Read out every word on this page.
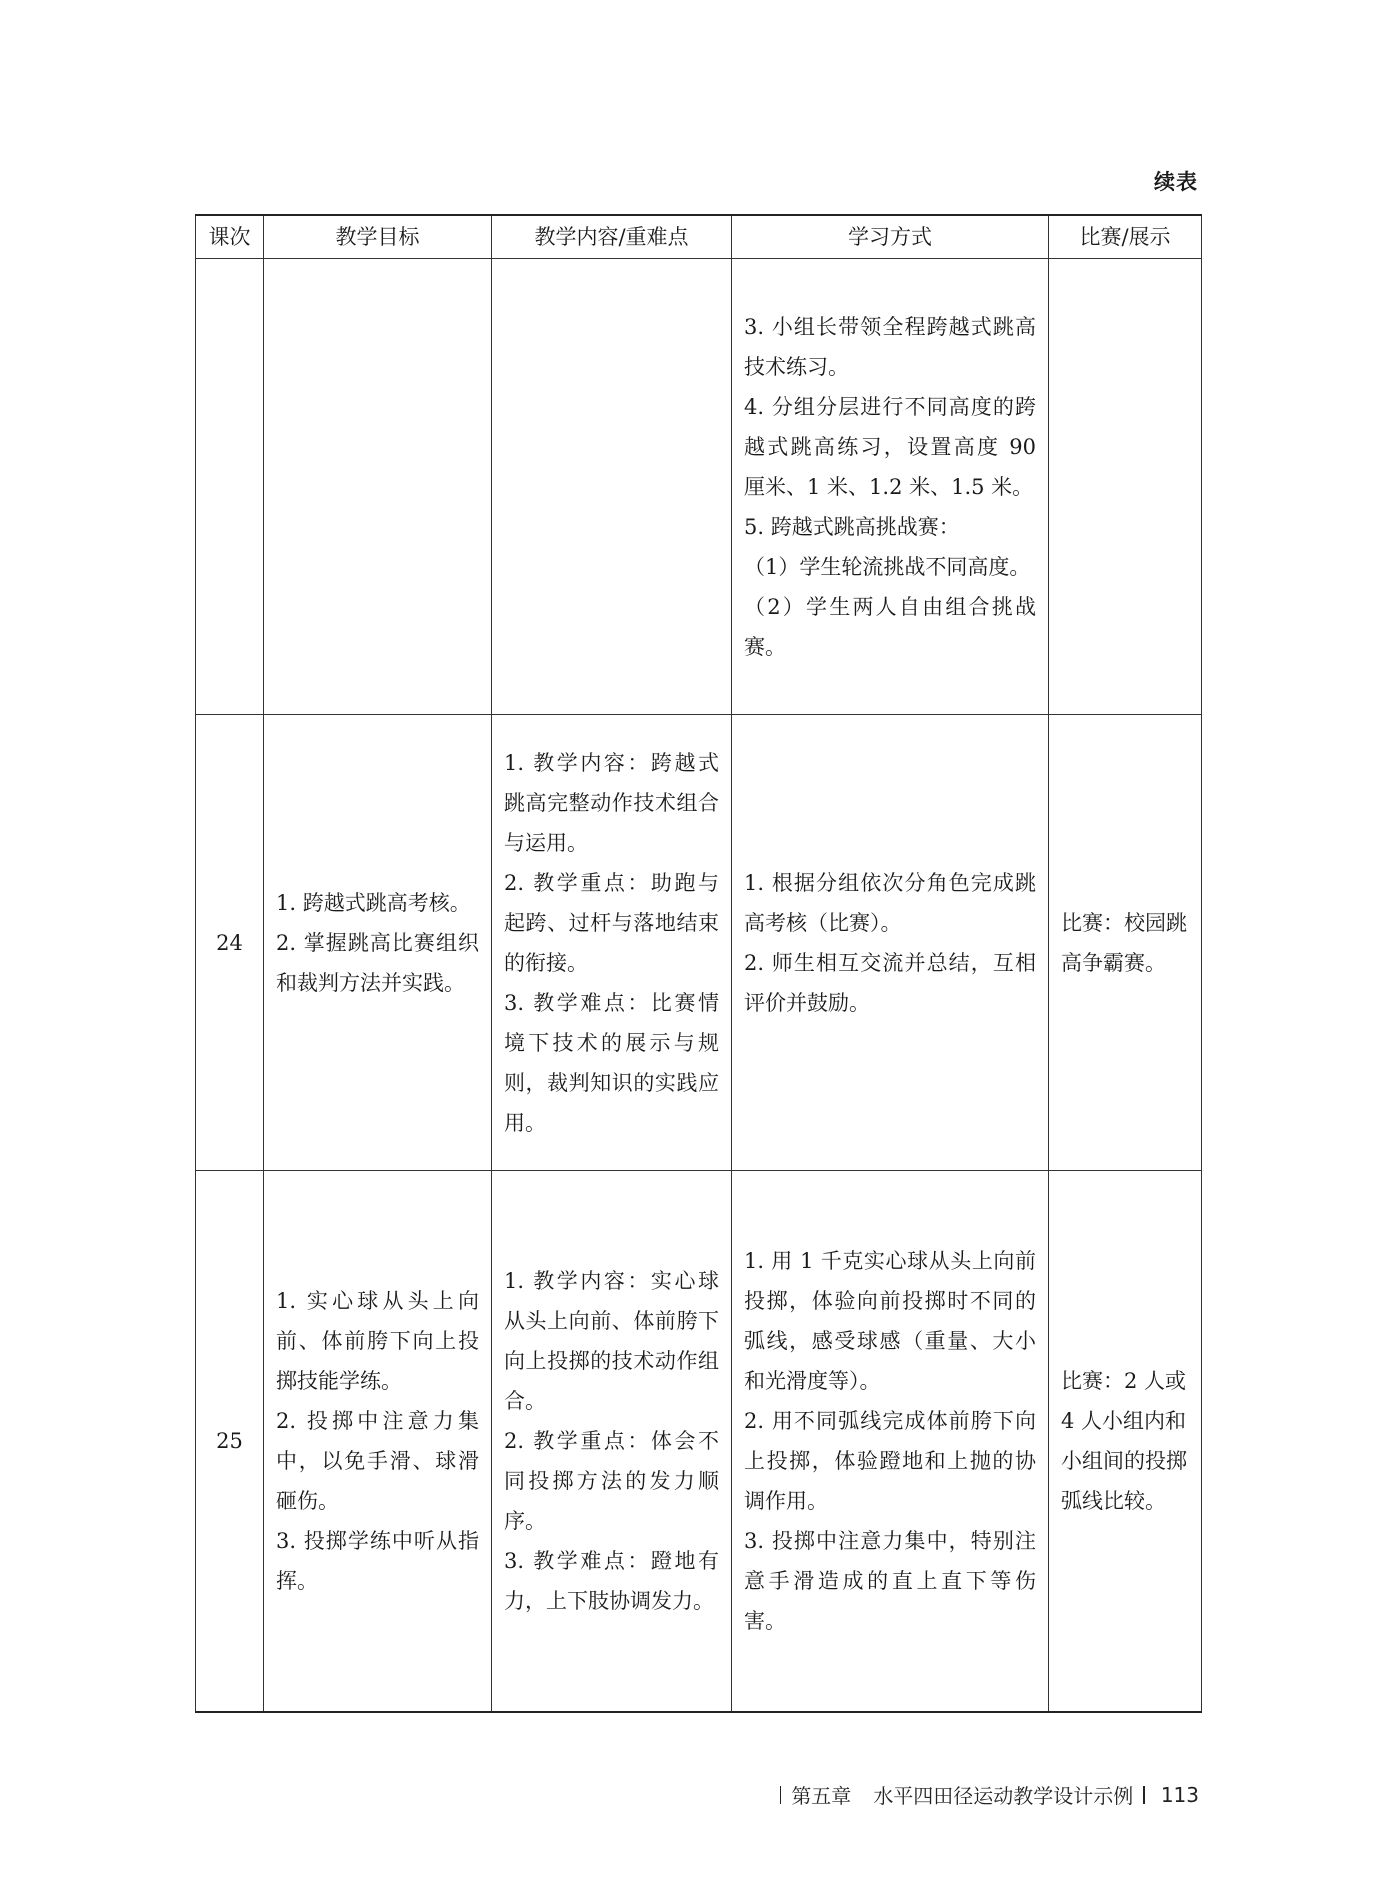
续表
课次	教学目标	教学内容/重难点	学习方式	比赛/展示

			3. 小组长带领全程跨越式跳高技术练习。
4. 分组分层进行不同高度的跨越式跳高练习，设置高度 90 厘米、1 米、1.2 米、1.5 米。
5. 跨越式跳高挑战赛：
（1）学生轮流挑战不同高度。
（2）学生两人自由组合挑战赛。	

24	1. 跨越式跳高考核。
2. 掌握跳高比赛组织和裁判方法并实践。	1. 教学内容：跨越式跳高完整动作技术组合与运用。
2. 教学重点：助跑与起跨、过杆与落地结束的衔接。
3. 教学难点：比赛情境下技术的展示与规则，裁判知识的实践应用。	1. 根据分组依次分角色完成跳高考核（比赛）。
2. 师生相互交流并总结，互相评价并鼓励。	比赛：校园跳高争霸赛。
25	1. 实心球从头上向前、体前胯下向上投掷技能学练。
2. 投掷中注意力集中，以免手滑、球滑砸伤。
3. 投掷学练中听从指挥。	1. 教学内容：实心球从头上向前、体前胯下向上投掷的技术动作组合。
2. 教学重点：体会不同投掷方法的发力顺序。
3. 教学难点：蹬地有力，上下肢协调发力。	1. 用 1 千克实心球从头上向前投掷，体验向前投掷时不同的弧线，感受球感（重量、大小和光滑度等）。
2. 用不同弧线完成体前胯下向上投掷，体验蹬地和上抛的协调作用。
3. 投掷中注意力集中，特别注意手滑造成的直上直下等伤害。	比赛：2 人或 4 人小组内和小组间的投掷弧线比较。
第五章 水平四田径运动教学设计示例 113
